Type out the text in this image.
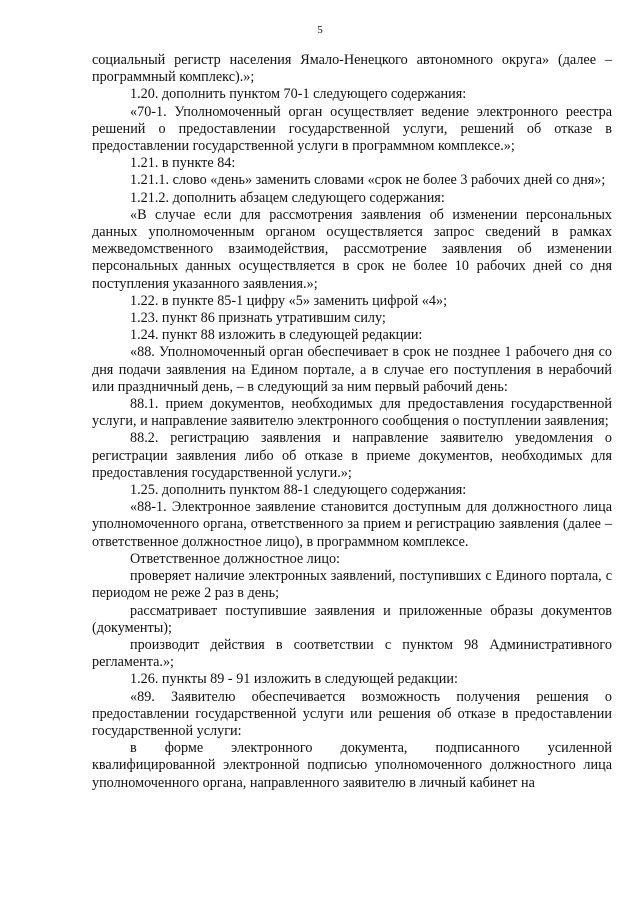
5

социальный регистр населения Ямало-Ненецкого автономного округа» (далее – программный комплекс).»;

1.20. дополнить пунктом 70-1 следующего содержания:

«70-1. Уполномоченный орган осуществляет ведение электронного реестра решений о предоставлении государственной услуги, решений об отказе в предоставлении государственной услуги в программном комплексе.»;

1.21. в пункте 84:

1.21.1. слово «день» заменить словами «срок не более 3 рабочих дней со дня»;

1.21.2. дополнить абзацем следующего содержания:

«В случае если для рассмотрения заявления об изменении персональных данных уполномоченным органом осуществляется запрос сведений в рамках межведомственного взаимодействия, рассмотрение заявления об изменении персональных данных осуществляется в срок не более 10 рабочих дней со дня поступления указанного заявления.»;

1.22. в пункте 85-1 цифру «5» заменить цифрой «4»;

1.23. пункт 86 признать утратившим силу;

1.24. пункт 88 изложить в следующей редакции:

«88. Уполномоченный орган обеспечивает в срок не позднее 1 рабочего дня со дня подачи заявления на Едином портале, а в случае его поступления в нерабочий или праздничный день, – в следующий за ним первый рабочий день:

88.1. прием документов, необходимых для предоставления государственной услуги, и направление заявителю электронного сообщения о поступлении заявления;

88.2. регистрацию заявления и направление заявителю уведомления о регистрации заявления либо об отказе в приеме документов, необходимых для предоставления государственной услуги.»;

1.25. дополнить пунктом 88-1 следующего содержания:

«88-1. Электронное заявление становится доступным для должностного лица уполномоченного органа, ответственного за прием и регистрацию заявления (далее – ответственное должностное лицо), в программном комплексе.

Ответственное должностное лицо:

проверяет наличие электронных заявлений, поступивших с Единого портала, с периодом не реже 2 раз в день;

рассматривает поступившие заявления и приложенные образы документов (документы);

производит действия в соответствии с пунктом 98 Административного регламента.»;

1.26. пункты 89 - 91 изложить в следующей редакции:

«89. Заявителю обеспечивается возможность получения решения о предоставлении государственной услуги или решения об отказе в предоставлении государственной услуги:

в форме электронного документа, подписанного усиленной квалифицированной электронной подписью уполномоченного должностного лица уполномоченного органа, направленного заявителю в личный кабинет на
